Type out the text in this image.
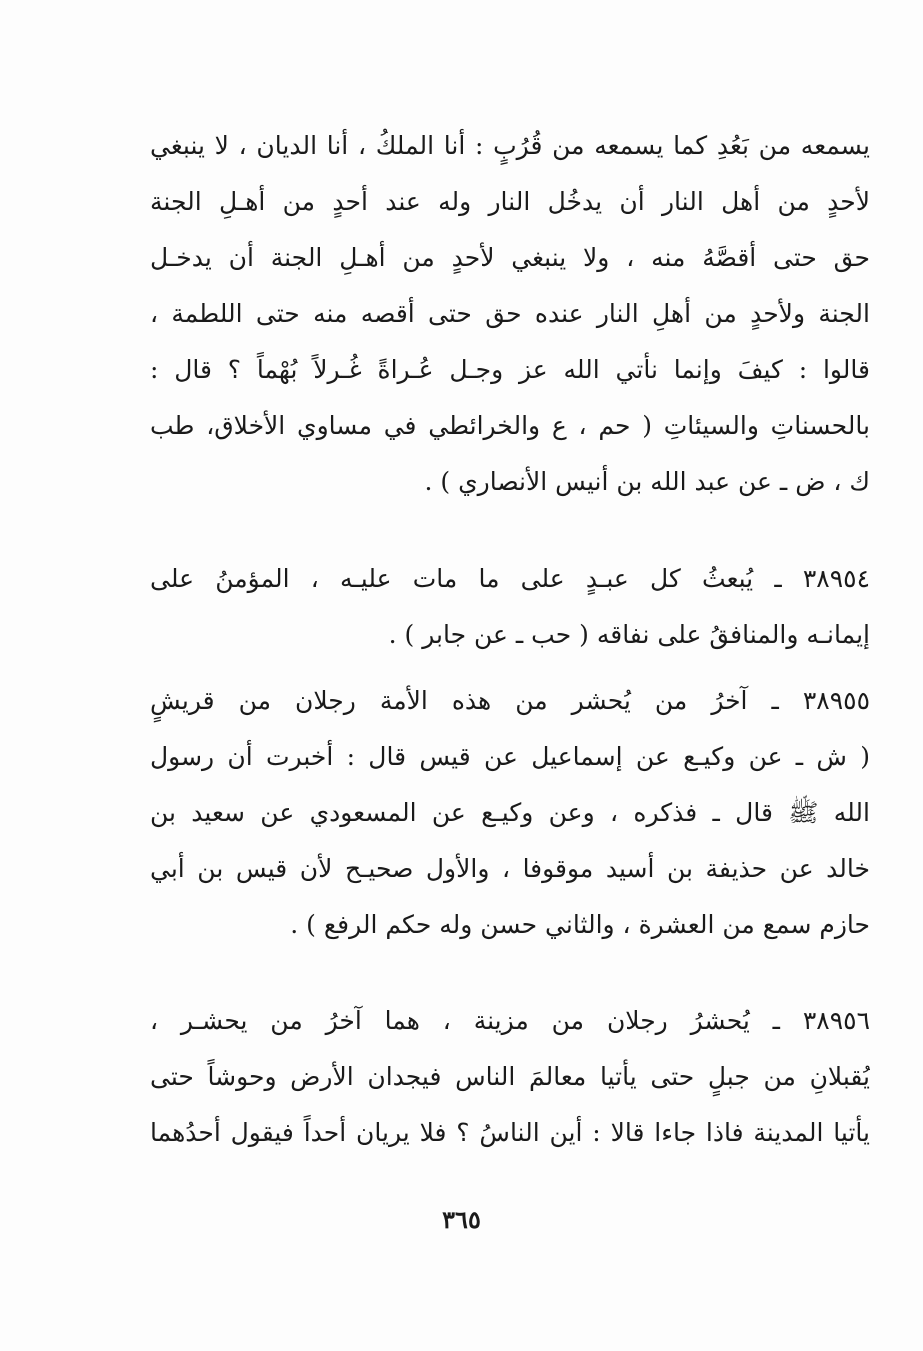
يسمعه من بَعُدِ كما يسمعه من قُرُبٍ : أنا الملكُ ، أنا الديان ، لا ينبغي
لأحدٍ من أهل النار أن يدخُل النار وله عند أحدٍ من أهـلِ الجنة
حق حتى أقصَّهُ منه ، ولا ينبغي لأحدٍ من أهـلِ الجنة أن يدخـل
الجنة ولأحدٍ من أهلِ النار عنده حق حتى أقصه منه حتى اللطمة ،
قالوا : كيفَ وإنما نأتي الله عز وجـل عُـراةً غُـرلاً بُهْماً ؟ قال :
بالحسناتِ والسيئاتِ ( حم ، ع والخرائطي في مساوي الأخلاق، طب
ك ، ض ـ عن عبد الله بن أنيس الأنصاري ) .
٣٨٩٥٤ ـ يُبعثُ كل عبـدٍ على ما مات عليـه ، المؤمنُ على
إيمانـه والمنافقُ على نفاقه ( حب ـ عن جابر ) .
٣٨٩٥٥ ـ آخرُ من يُحشر من هذه الأمة رجلان من قريشٍ
( ش ـ عن وكيـع عن إسماعيل عن قيس قال : أخبرت أن رسول
الله ﷺ قال ـ فذكره ، وعن وكيـع عن المسعودي عن سعيد بن
خالد عن حذيفة بن أسيد موقوفا ، والأول صحيـح لأن قيس بن أبي
حازم سمع من العشرة ، والثاني حسن وله حكم الرفع ) .
٣٨٩٥٦ ـ يُحشرُ رجلان من مزينة ، هما آخرُ من يحشـر ،
يُقبلانِ من جبلٍ حتى يأتيا معالمَ الناس فيجدان الأرض وحوشاً حتى
يأتيا المدينة فاذا جاءا قالا : أين الناسُ ؟ فلا يريان أحداً فيقول أحدُهما
٣٦٥
